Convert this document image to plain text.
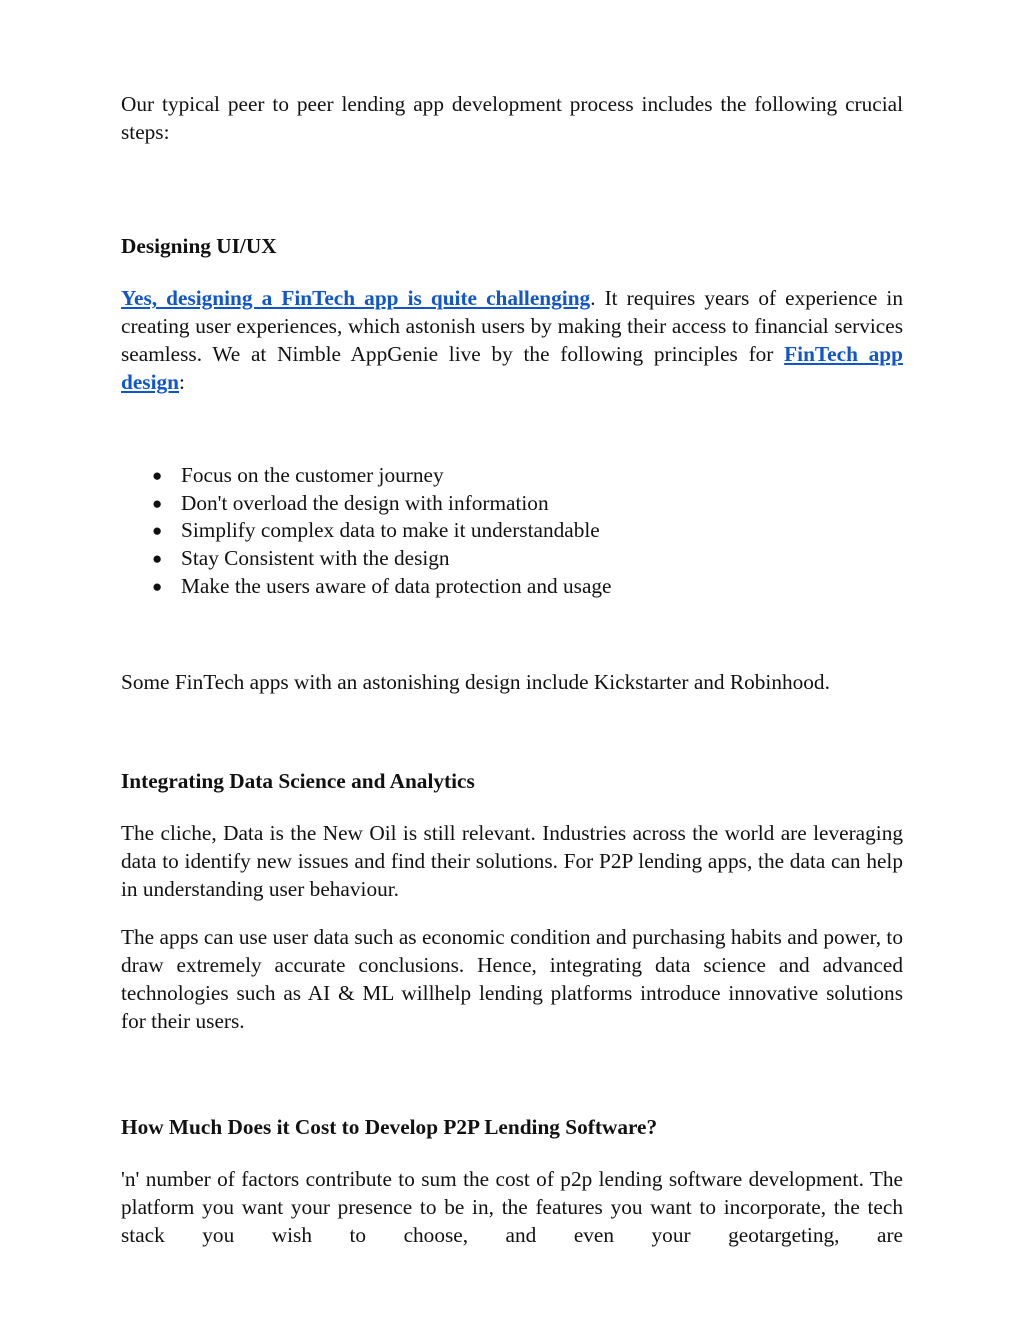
Our typical peer to peer lending app development process includes the following crucial steps:

Designing UI/UX

Yes, designing a FinTech app is quite challenging. It requires years of experience in creating user experiences, which astonish users by making their access to financial services seamless. We at Nimble AppGenie live by the following principles for FinTech app design:

● Focus on the customer journey
● Don't overload the design with information
● Simplify complex data to make it understandable
● Stay Consistent with the design
● Make the users aware of data protection and usage

Some FinTech apps with an astonishing design include Kickstarter and Robinhood.

Integrating Data Science and Analytics

The cliche, Data is the New Oil is still relevant. Industries across the world are leveraging data to identify new issues and find their solutions. For P2P lending apps, the data can help in understanding user behaviour.

The apps can use user data such as economic condition and purchasing habits and power, to draw extremely accurate conclusions. Hence, integrating data science and advanced technologies such as AI & ML willhelp lending platforms introduce innovative solutions for their users.

How Much Does it Cost to Develop P2P Lending Software?

'n' number of factors contribute to sum the cost of p2p lending software development. The platform you want your presence to be in, the features you want to incorporate, the tech stack you wish to choose, and even your geotargeting, are
